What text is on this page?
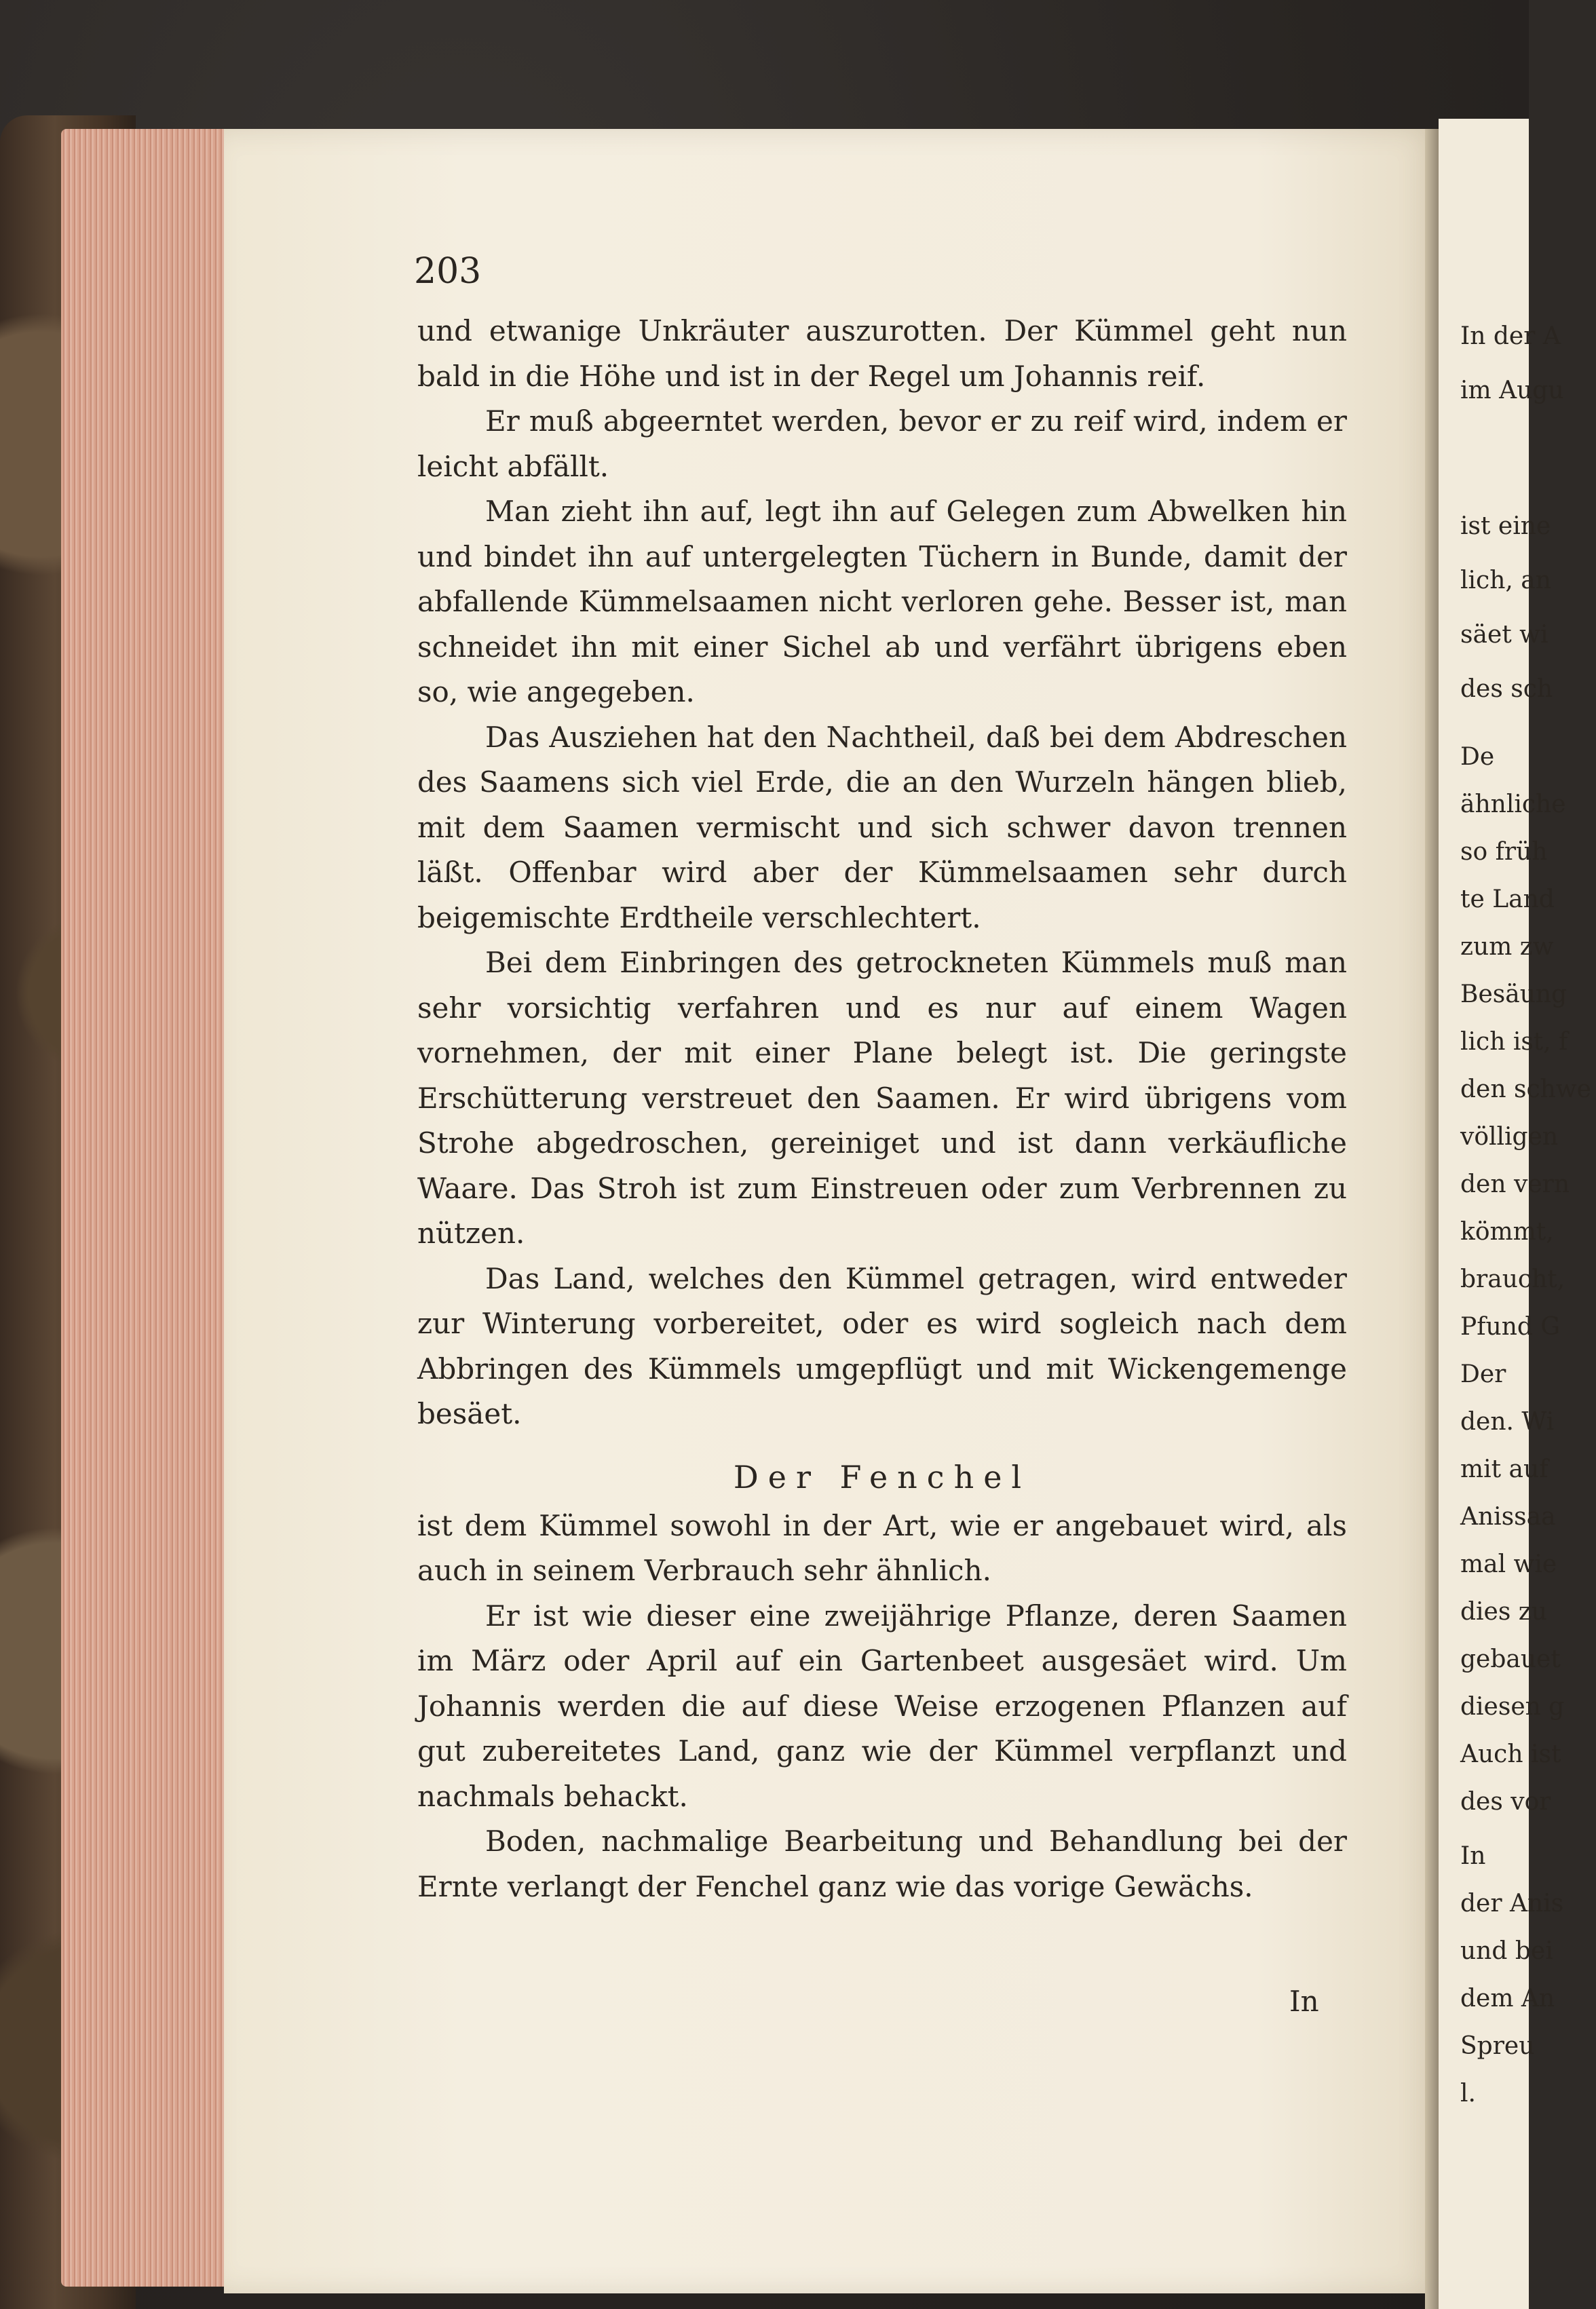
203

und etwanige Unkräuter auszurotten. Der Kümmel geht nun bald in die Höhe und ist in der Regel um Johannis reif.

Er muß abgeerntet werden, bevor er zu reif wird, indem er leicht abfällt.

Man zieht ihn auf, legt ihn auf Gelegen zum Abwelken hin und bindet ihn auf untergelegten Tüchern in Bunde, damit der abfallende Kümmelsaamen nicht verloren gehe. Besser ist, man schneidet ihn mit einer Sichel ab und verfährt übrigens eben so, wie angegeben.

Das Ausziehen hat den Nachtheil, daß bei dem Abdreschen des Saamens sich viel Erde, die an den Wurzeln hängen blieb, mit dem Saamen vermischt und sich schwer davon trennen läßt. Offenbar wird aber der Kümmelsaamen sehr durch beigemischte Erdtheile verschlechtert.

Bei dem Einbringen des getrockneten Kümmels muß man sehr vorsichtig verfahren und es nur auf einem Wagen vornehmen, der mit einer Plane belegt ist. Die geringste Erschütterung verstreuet den Saamen. Er wird übrigens vom Strohe abgedroschen, gereiniget und ist dann verkäufliche Waare. Das Stroh ist zum Einstreuen oder zum Verbrennen zu nützen.

Das Land, welches den Kümmel getragen, wird entweder zur Winterung vorbereitet, oder es wird sogleich nach dem Abbringen des Kümmels umgepflügt und mit Wickengemenge besäet.

Der Fenchel

ist dem Kümmel sowohl in der Art, wie er angebauet wird, als auch in seinem Verbrauch sehr ähnlich.

Er ist wie dieser eine zweijährige Pflanze, deren Saamen im März oder April auf ein Gartenbeet ausgesäet wird. Um Johannis werden die auf diese Weise erzogenen Pflanzen auf gut zubereitetes Land, ganz wie der Kümmel verpflanzt und nachmals behackt.

Boden, nachmalige Bearbeitung und Behandlung bei der Ernte verlangt der Fenchel ganz wie das vorige Gewächs.

In
In der A
im Augu
ist eine
lich, an
säet wi
des sch
De
ähnliche
so früh
te Land
zum zw
Besäung
lich ist, f
den schwe
völligen
den vern
kömmt,
braucht,
Pfund G
Der
den. Wi
mit auf
Anissaa
mal wie
dies zu
gebauet
diesen g
Auch ist
des vor
In
der Anis
und bei
dem An
Spreu
l.
